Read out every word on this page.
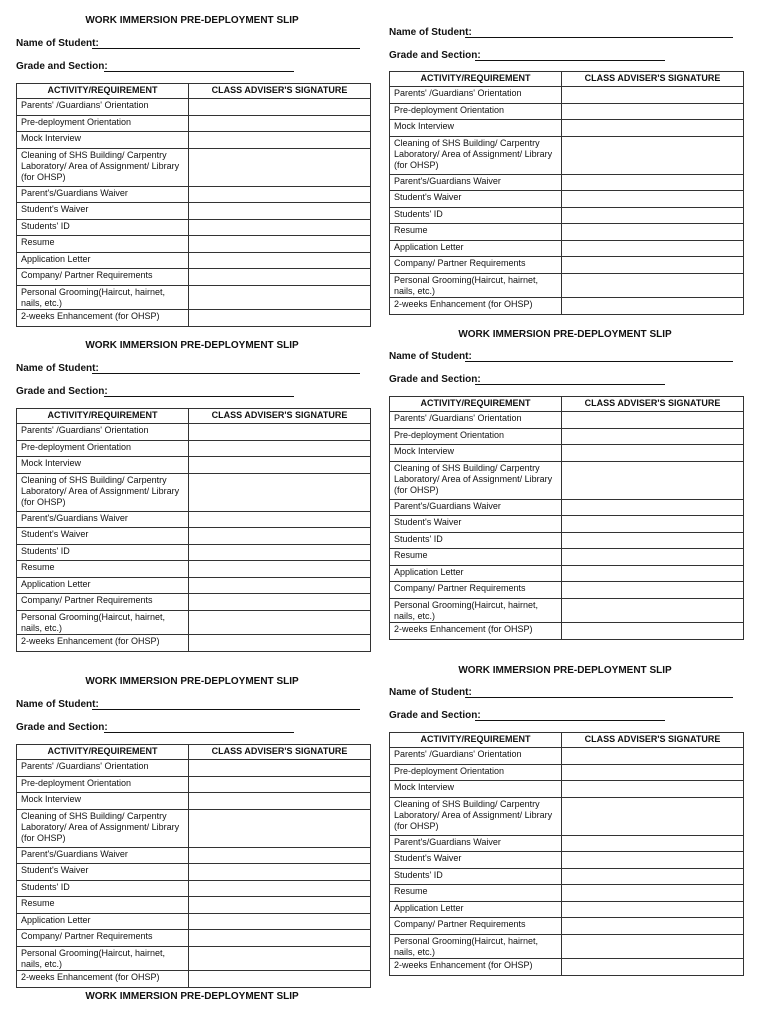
WORK IMMERSION PRE-DEPLOYMENT SLIP
Name of Student:
Grade and Section:
ACTIVITY/REQUIREMENT	CLASS ADVISER'S SIGNATURE

Parents' /Guardians' Orientation	

Pre-deployment Orientation	

Mock Interview	

Cleaning of SHS Building/ Carpentry Laboratory/ Area of Assignment/ Library (for OHSP)	

Parent's/Guardians Waiver	

Student's Waiver	

Students' ID	

Resume	

Application Letter	

Company/ Partner Requirements	

Personal Grooming(Haircut, hairnet, nails, etc.)	

2-weeks Enhancement (for OHSP)	

WORK IMMERSION PRE-DEPLOYMENT SLIP
Name of Student:
Grade and Section:
ACTIVITY/REQUIREMENT	CLASS ADVISER'S SIGNATURE

Parents' /Guardians' Orientation	

Pre-deployment Orientation	

Mock Interview	

Cleaning of SHS Building/ Carpentry Laboratory/ Area of Assignment/ Library (for OHSP)	

Parent's/Guardians Waiver	

Student's Waiver	

Students' ID	

Resume	

Application Letter	

Company/ Partner Requirements	

Personal Grooming(Haircut, hairnet, nails, etc.)	

2-weeks Enhancement (for OHSP)	

WORK IMMERSION PRE-DEPLOYMENT SLIP
Name of Student:
Grade and Section:
ACTIVITY/REQUIREMENT	CLASS ADVISER'S SIGNATURE

Parents' /Guardians' Orientation	

Pre-deployment Orientation	

Mock Interview	

Cleaning of SHS Building/ Carpentry Laboratory/ Area of Assignment/ Library (for OHSP)	

Parent's/Guardians Waiver	

Student's Waiver	

Students' ID	

Resume	

Application Letter	

Company/ Partner Requirements	

Personal Grooming(Haircut, hairnet, nails, etc.)	

2-weeks Enhancement (for OHSP)	

WORK IMMERSION PRE-DEPLOYMENT SLIP
Name of Student:
Grade and Section:
ACTIVITY/REQUIREMENT	CLASS ADVISER'S SIGNATURE

Parents' /Guardians' Orientation	

Pre-deployment Orientation	

Mock Interview	

Cleaning of SHS Building/ Carpentry Laboratory/ Area of Assignment/ Library (for OHSP)	

Parent's/Guardians Waiver	

Student's Waiver	

Students' ID	

Resume	

Application Letter	

Company/ Partner Requirements	

Personal Grooming(Haircut, hairnet, nails, etc.)	

2-weeks Enhancement (for OHSP)	

WORK IMMERSION PRE-DEPLOYMENT SLIP
Name of Student:
Grade and Section:
ACTIVITY/REQUIREMENT	CLASS ADVISER'S SIGNATURE

Parents' /Guardians' Orientation	

Pre-deployment Orientation	

Mock Interview	

Cleaning of SHS Building/ Carpentry Laboratory/ Area of Assignment/ Library (for OHSP)	

Parent's/Guardians Waiver	

Student's Waiver	

Students' ID	

Resume	

Application Letter	

Company/ Partner Requirements	

Personal Grooming(Haircut, hairnet, nails, etc.)	

2-weeks Enhancement (for OHSP)	

WORK IMMERSION PRE-DEPLOYMENT SLIP
Name of Student:
Grade and Section:
ACTIVITY/REQUIREMENT	CLASS ADVISER'S SIGNATURE

Parents' /Guardians' Orientation	

Pre-deployment Orientation	

Mock Interview	

Cleaning of SHS Building/ Carpentry Laboratory/ Area of Assignment/ Library (for OHSP)	

Parent's/Guardians Waiver	

Student's Waiver	

Students' ID	

Resume	

Application Letter	

Company/ Partner Requirements	

Personal Grooming(Haircut, hairnet, nails, etc.)	

2-weeks Enhancement (for OHSP)	
